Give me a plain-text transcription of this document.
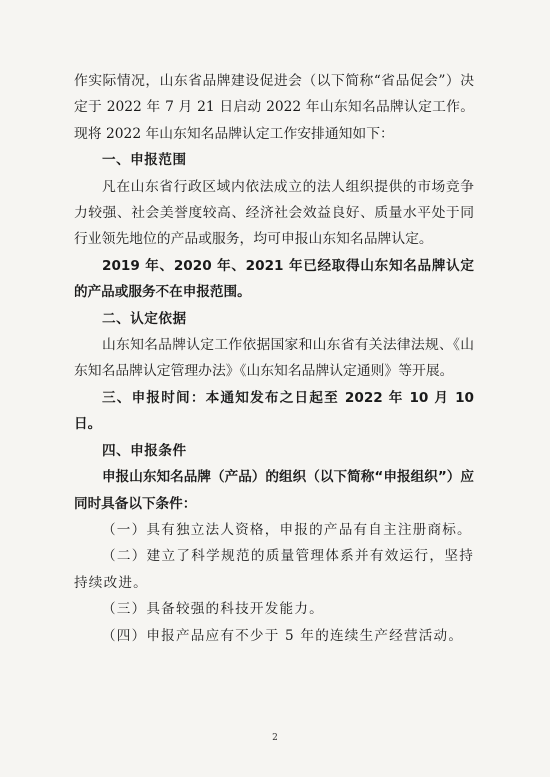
作实际情况，山东省品牌建设促进会（以下简称“省品促会”）决定于 2022 年 7 月 21 日启动 2022 年山东知名品牌认定工作。现将 2022 年山东知名品牌认定工作安排通知如下：

一、申报范围

凡在山东省行政区域内依法成立的法人组织提供的市场竞争力较强、社会美誉度较高、经济社会效益良好、质量水平处于同行业领先地位的产品或服务，均可申报山东知名品牌认定。

2019 年、2020 年、2021 年已经取得山东知名品牌认定的产品或服务不在申报范围。

二、认定依据

山东知名品牌认定工作依据国家和山东省有关法律法规、《山东知名品牌认定管理办法》《山东知名品牌认定通则》等开展。

三、申报时间：本通知发布之日起至 2022 年 10 月 10 日。

四、申报条件

申报山东知名品牌（产品）的组织（以下简称“申报组织”）应同时具备以下条件：

（一）具有独立法人资格，申报的产品有自主注册商标。

（二）建立了科学规范的质量管理体系并有效运行，坚持持续改进。

（三）具备较强的科技开发能力。

（四）申报产品应有不少于 5 年的连续生产经营活动。

2
